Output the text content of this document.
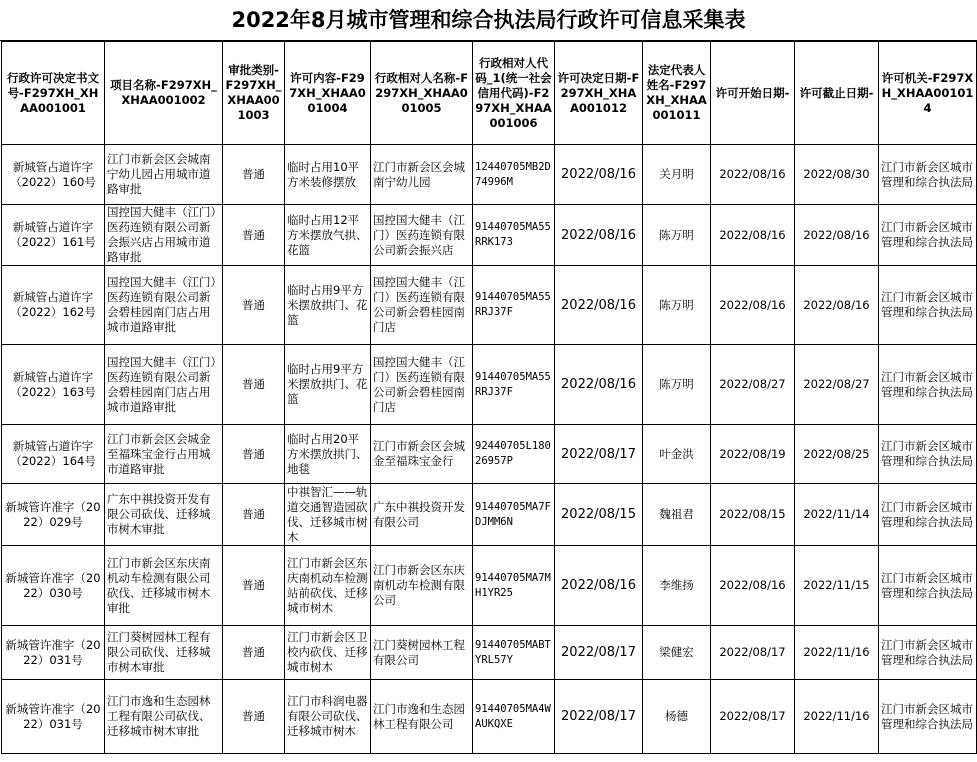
2022年8月城市管理和综合执法局行政许可信息采集表
行政许可决定书文号-F297XH_XHAA001001	项目名称-F297XH_XHAA001002	审批类别-F297XH_XHAA001003	许可内容-F297XH_XHAA001004	行政相对人名称-F297XH_XHAA001005	行政相对人代码_1(统一社会信用代码)-F297XH_XHAA001006	许可决定日期-F297XH_XHAA001012	法定代表人姓名-F297XH_XHAA001011	许可开始日期-	许可截止日期-	许可机关-F297XH_XHAA001014
新城管占道许字（2022）160号	江门市新会区会城南宁幼儿园占用城市道路审批	普通	临时占用10平方米装修摆放	江门市新会区会城南宁幼儿园	12440705MB2D74996M	2022/08/16	关月明	2022/08/16	2022/08/30	江门市新会区城市管理和综合执法局
新城管占道许字（2022）161号	国控国大健丰（江门）医药连锁有限公司新会振兴店占用城市道路审批	普通	临时占用12平方米摆放气拱、花篮	国控国大健丰（江门）医药连锁有限公司新会振兴店	91440705MA55RRK173	2022/08/16	陈万明	2022/08/16	2022/08/16	江门市新会区城市管理和综合执法局
新城管占道许字（2022）162号	国控国大健丰（江门）医药连锁有限公司新会碧桂园南门店占用城市道路审批	普通	临时占用9平方米摆放拱门、花篮	国控国大健丰（江门）医药连锁有限公司新会碧桂园南门店	91440705MA55RRJ37F	2022/08/16	陈万明	2022/08/16	2022/08/16	江门市新会区城市管理和综合执法局
新城管占道许字（2022）163号	国控国大健丰（江门）医药连锁有限公司新会碧桂园南门店占用城市道路审批	普通	临时占用9平方米摆放拱门、花篮	国控国大健丰（江门）医药连锁有限公司新会碧桂园南门店	91440705MA55RRJ37F	2022/08/16	陈万明	2022/08/27	2022/08/27	江门市新会区城市管理和综合执法局
新城管占道许字（2022）164号	江门市新会区会城金至福珠宝金行占用城市道路审批	普通	临时占用20平方米摆放拱门、地毯	江门市新会区会城金至福珠宝金行	92440705L18026957P	2022/08/17	叶金洪	2022/08/19	2022/08/25	江门市新会区城市管理和综合执法局
新城管许准字（2022）029号	广东中祺投资开发有限公司砍伐、迁移城市树木审批	普通	中祺智汇——轨道交通智造园砍伐、迁移城市树木	广东中祺投资开发有限公司	91440705MA7FDJMM6N	2022/08/15	魏祖君	2022/08/15	2022/11/14	江门市新会区城市管理和综合执法局
新城管许准字（2022）030号	江门市新会区东庆南机动车检测有限公司砍伐、迁移城市树木审批	普通	江门市新会区东庆南机动车检测站前砍伐、迁移城市树木	江门市新会区东庆南机动车检测有限公司	91440705MA7MH1YR25	2022/08/16	李维扬	2022/08/16	2022/11/15	江门市新会区城市管理和综合执法局
新城管许准字（2022）031号	江门葵树园林工程有限公司砍伐、迁移城市树木审批	普通	江门市新会区卫校内砍伐、迁移城市树木	江门葵树园林工程有限公司	91440705MABTYRL57Y	2022/08/17	梁健宏	2022/08/17	2022/11/16	江门市新会区城市管理和综合执法局
新城管许准字（2022）031号	江门市逸和生态园林工程有限公司砍伐、迁移城市树木审批	普通	江门市科润电器有限公司砍伐、迁移城市树木	江门市逸和生态园林工程有限公司	91440705MA4WAUKQXE	2022/08/17	杨德	2022/08/17	2022/11/16	江门市新会区城市管理和综合执法局
